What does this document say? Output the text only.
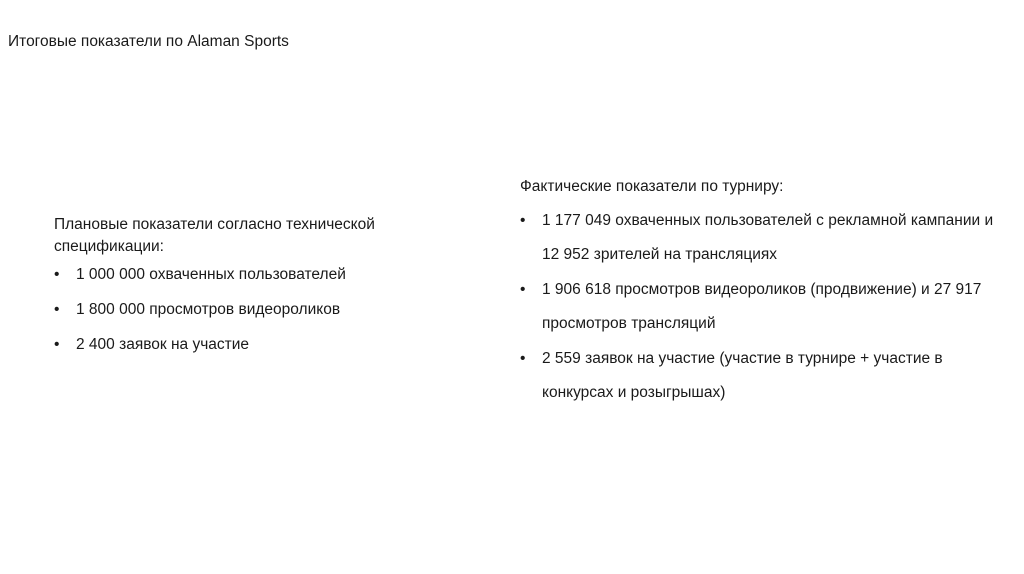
Итоговые показатели по Alaman Sports

Плановые показатели согласно технической спецификации:

• 1 000 000 охваченных пользователей
• 1 800 000 просмотров видеороликов
• 2 400 заявок на участие

Фактические показатели по турниру:

• 1 177 049 охваченных пользователей с рекламной кампании и 12 952 зрителей на трансляциях
• 1 906 618 просмотров видеороликов (продвижение) и 27 917 просмотров трансляций
• 2 559 заявок на участие (участие в турнире + участие в конкурсах и розыгрышах)
